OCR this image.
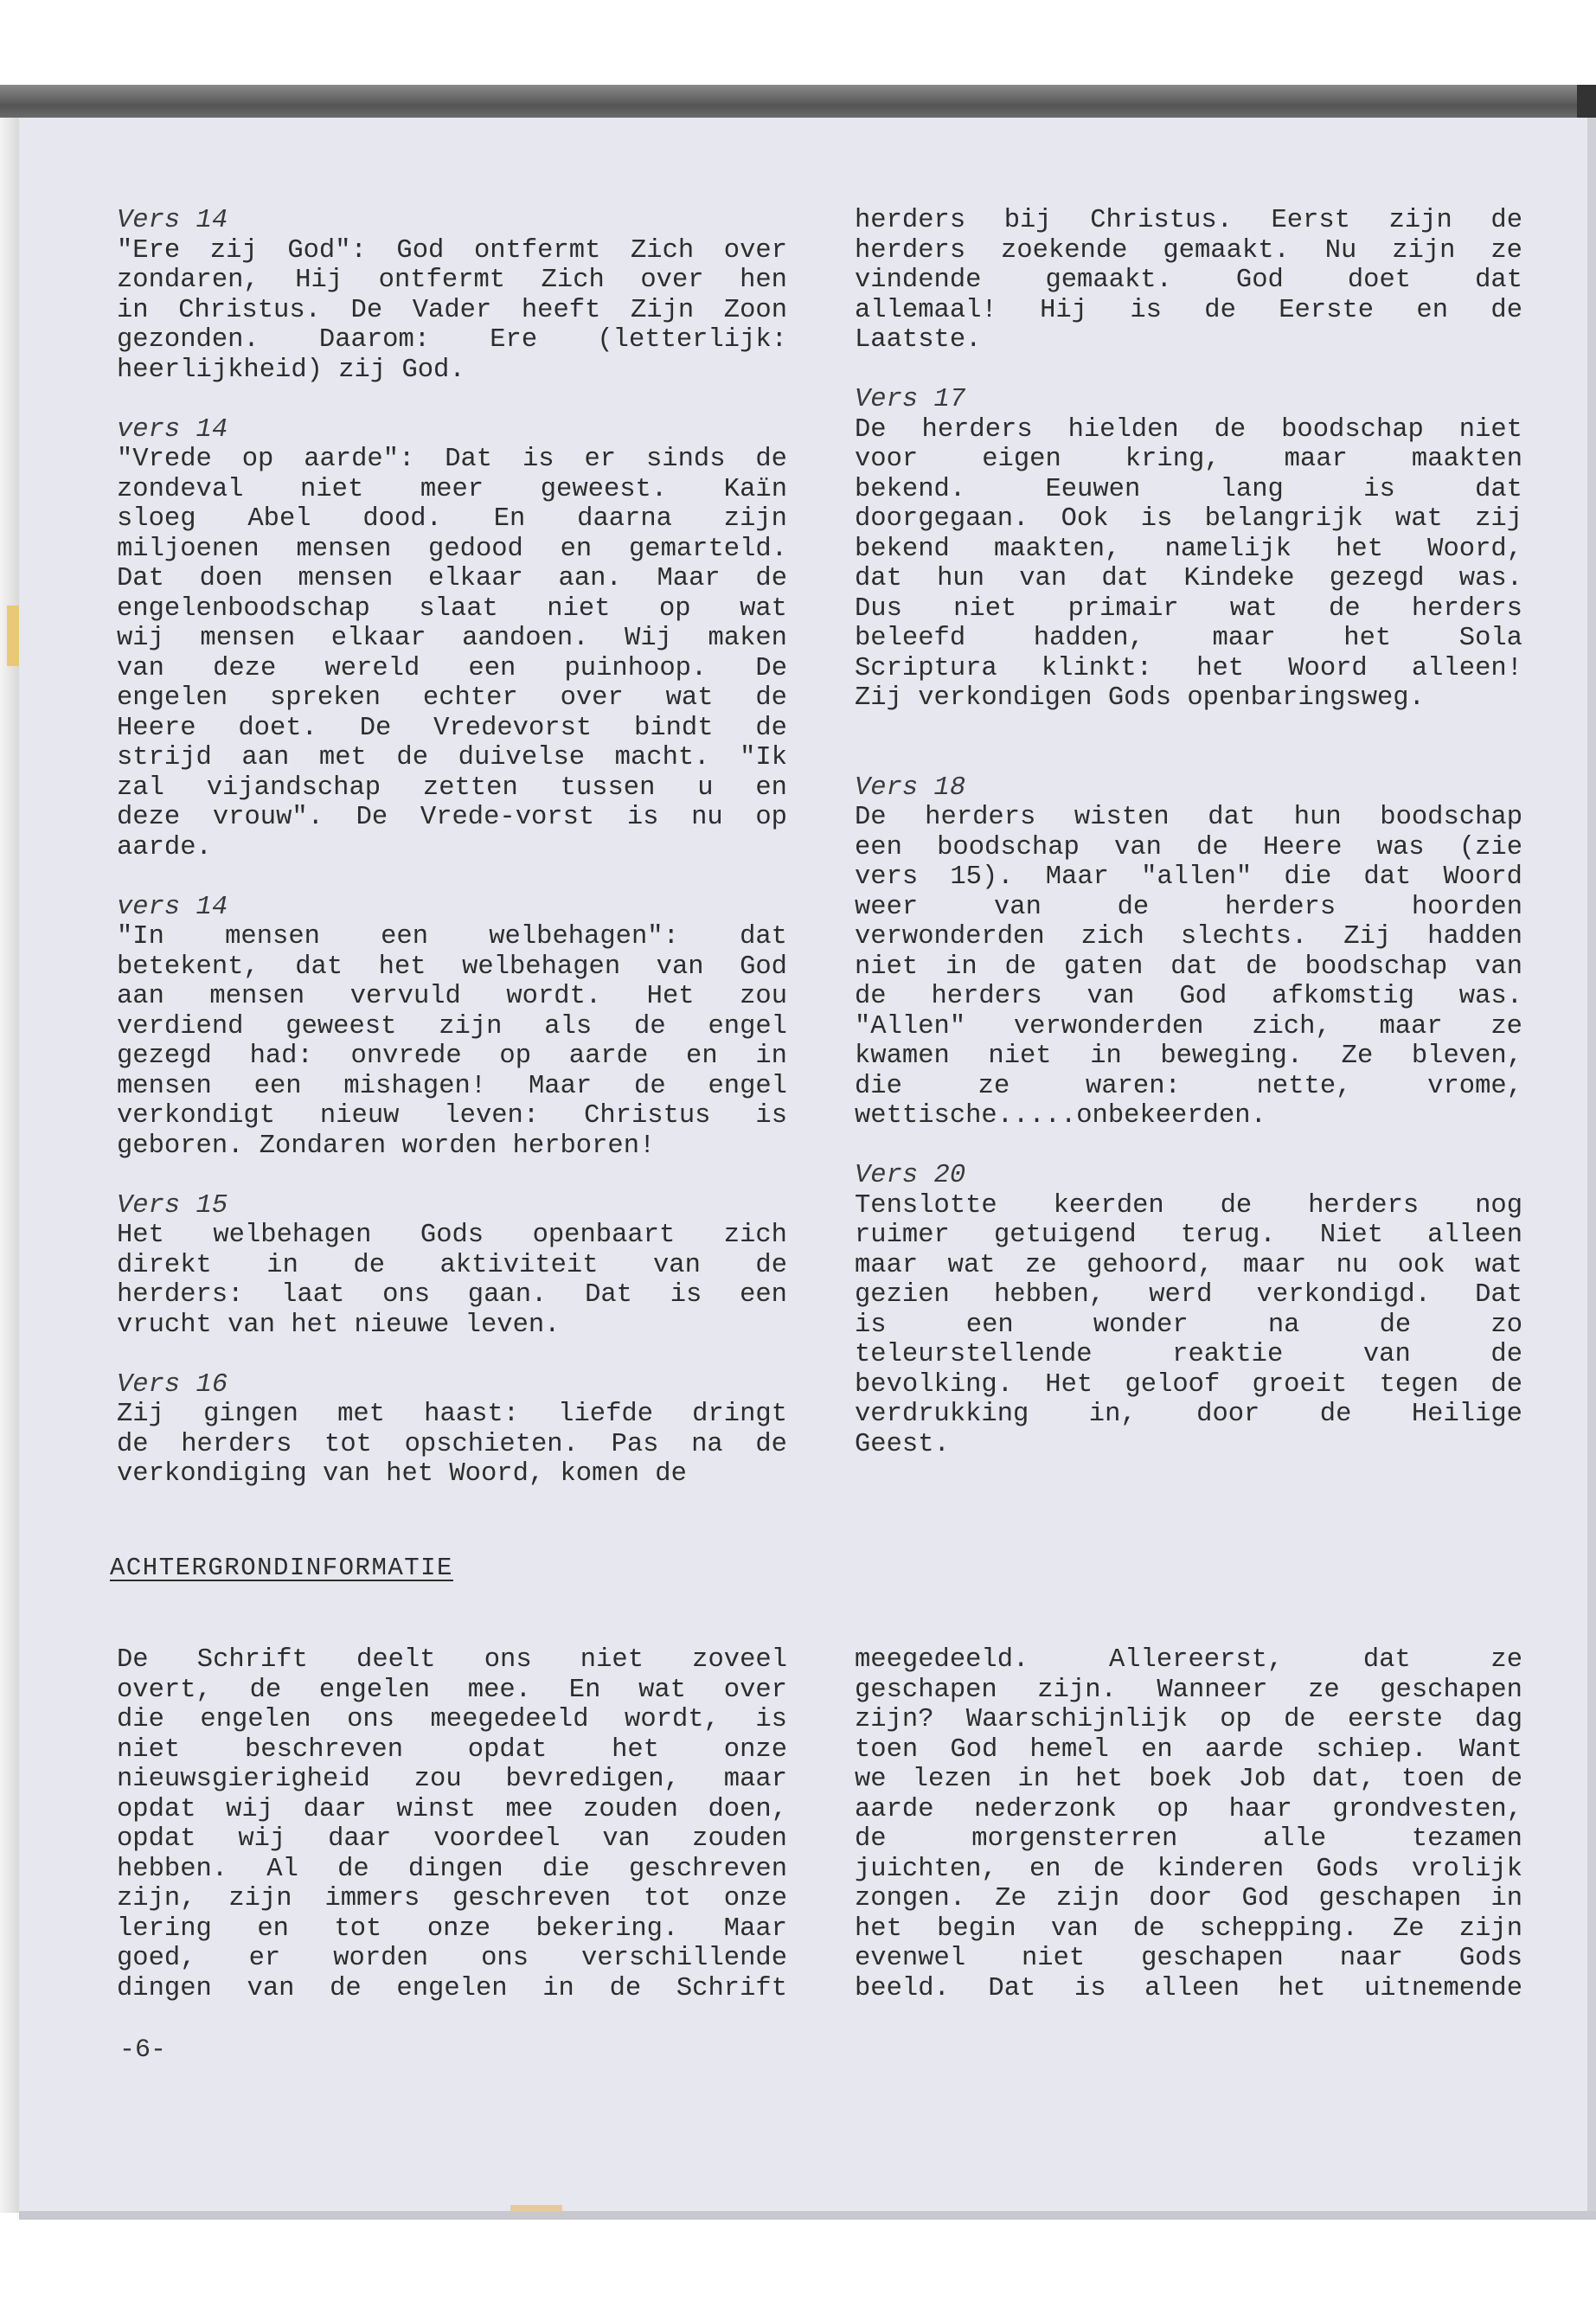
Vers 14
"Ere zij God": God ontfermt Zich over
zondaren, Hij ontfermt Zich over hen
in Christus. De Vader heeft Zijn Zoon
gezonden. Daarom: Ere (letterlijk:
heerlijkheid) zij God.
vers 14
"Vrede op aarde": Dat is er sinds de
zondeval niet meer geweest. Kaïn
sloeg Abel dood. En daarna zijn
miljoenen mensen gedood en gemarteld.
Dat doen mensen elkaar aan. Maar de
engelenboodschap slaat niet op wat
wij mensen elkaar aandoen. Wij maken
van deze wereld een puinhoop. De
engelen spreken echter over wat de
Heere doet. De Vredevorst bindt de
strijd aan met de duivelse macht. "Ik
zal vijandschap zetten tussen u en
deze vrouw". De Vrede-vorst is nu op
aarde.
vers 14
"In mensen een welbehagen": dat
betekent, dat het welbehagen van God
aan mensen vervuld wordt. Het zou
verdiend geweest zijn als de engel
gezegd had: onvrede op aarde en in
mensen een mishagen! Maar de engel
verkondigt nieuw leven: Christus is
geboren. Zondaren worden herboren!
Vers 15
Het welbehagen Gods openbaart zich
direkt in de aktiviteit van de
herders: laat ons gaan. Dat is een
vrucht van het nieuwe leven.
Vers 16
Zij gingen met haast: liefde dringt
de herders tot opschieten. Pas na de
verkondiging van het Woord, komen de
herders bij Christus. Eerst zijn de
herders zoekende gemaakt. Nu zijn ze
vindende gemaakt. God doet dat
allemaal! Hij is de Eerste en de
Laatste.
Vers 17
De herders hielden de boodschap niet
voor eigen kring, maar maakten
bekend. Eeuwen lang is dat
doorgegaan. Ook is belangrijk wat zij
bekend maakten, namelijk het Woord,
dat hun van dat Kindeke gezegd was.
Dus niet primair wat de herders
beleefd hadden, maar het Sola
Scriptura klinkt: het Woord alleen!
Zij verkondigen Gods openbaringsweg.
Vers 18
De herders wisten dat hun boodschap
een boodschap van de Heere was (zie
vers 15). Maar "allen" die dat Woord
weer van de herders hoorden
verwonderden zich slechts. Zij hadden
niet in de gaten dat de boodschap van
de herders van God afkomstig was.
"Allen" verwonderden zich, maar ze
kwamen niet in beweging. Ze bleven,
die ze waren: nette, vrome,
wettische.....onbekeerden.
Vers 20
Tenslotte keerden de herders nog
ruimer getuigend terug. Niet alleen
maar wat ze gehoord, maar nu ook wat
gezien hebben, werd verkondigd. Dat
is een wonder na de zo
teleurstellende reaktie van de
bevolking. Het geloof groeit tegen de
verdrukking in, door de Heilige
Geest.
ACHTERGRONDINFORMATIE
De Schrift deelt ons niet zoveel
overt, de engelen mee. En wat over
die engelen ons meegedeeld wordt, is
niet beschreven opdat het onze
nieuwsgierigheid zou bevredigen, maar
opdat wij daar winst mee zouden doen,
opdat wij daar voordeel van zouden
hebben. Al de dingen die geschreven
zijn, zijn immers geschreven tot onze
lering en tot onze bekering. Maar
goed, er worden ons verschillende
dingen van de engelen in de Schrift
meegedeeld. Allereerst, dat ze
geschapen zijn. Wanneer ze geschapen
zijn? Waarschijnlijk op de eerste dag
toen God hemel en aarde schiep. Want
we lezen in het boek Job dat, toen de
aarde nederzonk op haar grondvesten,
de morgensterren alle tezamen
juichten, en de kinderen Gods vrolijk
zongen. Ze zijn door God geschapen in
het begin van de schepping. Ze zijn
evenwel niet geschapen naar Gods
beeld. Dat is alleen het uitnemende
-6-
